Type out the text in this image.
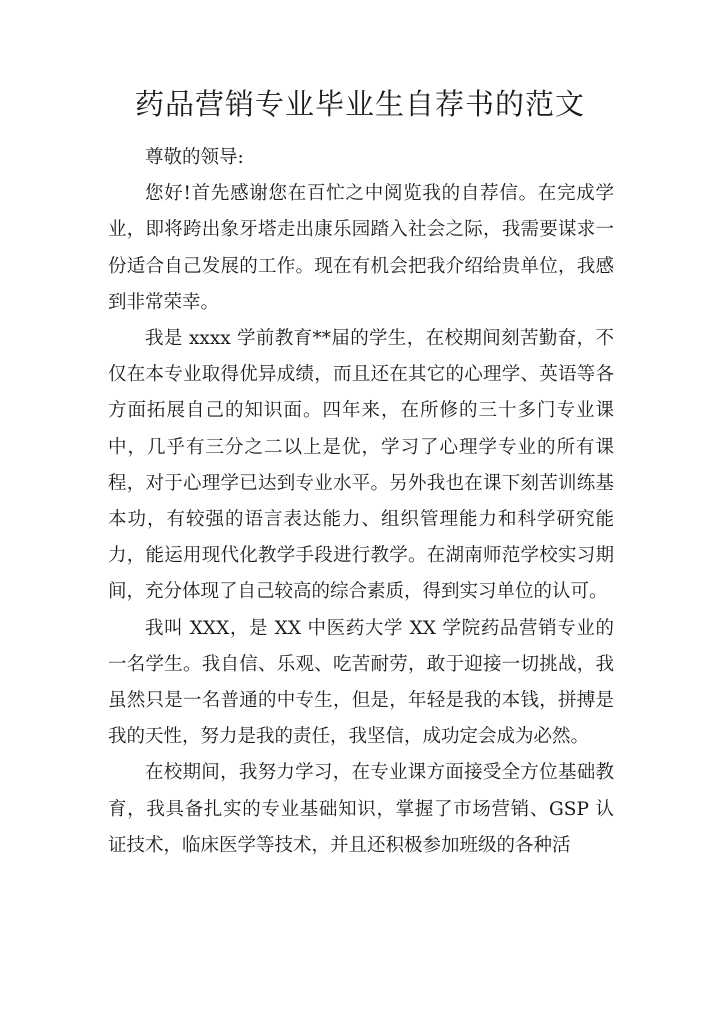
药品营销专业毕业生自荐书的范文

尊敬的领导:

您好!首先感谢您在百忙之中阅览我的自荐信。在完成学业，即将跨出象牙塔走出康乐园踏入社会之际，我需要谋求一份适合自己发展的工作。现在有机会把我介绍给贵单位，我感到非常荣幸。

我是 xxxx 学前教育**届的学生，在校期间刻苦勤奋，不仅在本专业取得优异成绩，而且还在其它的心理学、英语等各方面拓展自己的知识面。四年来，在所修的三十多门专业课中，几乎有三分之二以上是优，学习了心理学专业的所有课程，对于心理学已达到专业水平。另外我也在课下刻苦训练基本功，有较强的语言表达能力、组织管理能力和科学研究能力，能运用现代化教学手段进行教学。在湖南师范学校实习期间，充分体现了自己较高的综合素质，得到实习单位的认可。

我叫 XXX，是 XX 中医药大学 XX 学院药品营销专业的一名学生。我自信、乐观、吃苦耐劳，敢于迎接一切挑战，我虽然只是一名普通的中专生，但是，年轻是我的本钱，拼搏是我的天性，努力是我的责任，我坚信，成功定会成为必然。

在校期间，我努力学习，在专业课方面接受全方位基础教育，我具备扎实的专业基础知识，掌握了市场营销、GSP 认证技术，临床医学等技术，并且还积极参加班级的各种活
